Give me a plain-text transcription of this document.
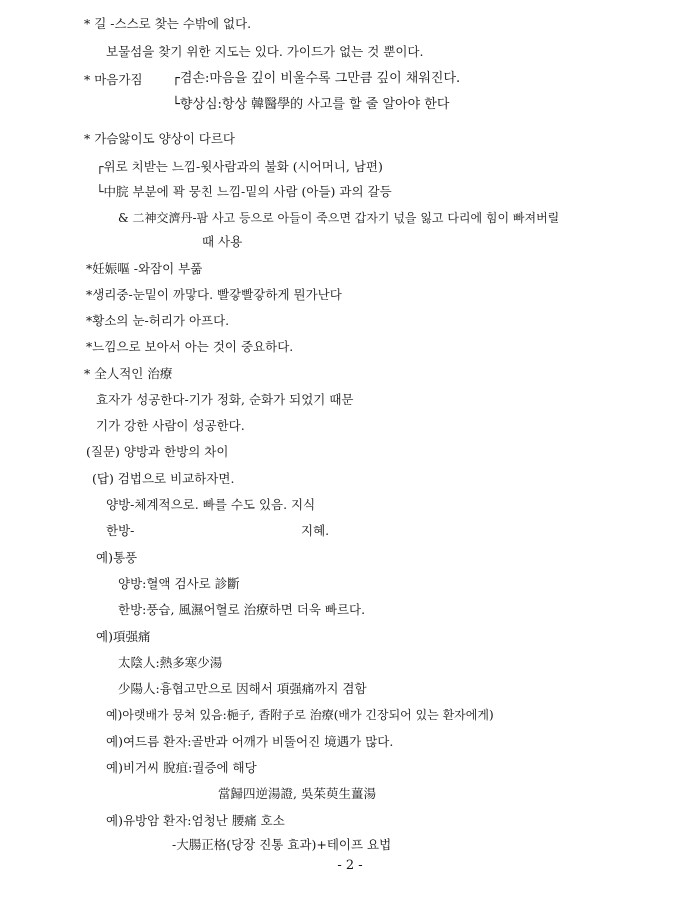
* 길 -스스로 찾는 수밖에 없다.
보물섬을 찾기 위한 지도는 있다. 가이드가 없는 것 뿐이다.
* 마음가짐 ┌겸손:마음을 깊이 비울수록 그만큼 깊이 채워진다.
└향상심:항상 韓醫學的 사고를 할 줄 알아야 한다
* 가슴앓이도 양상이 다르다
┌위로 치받는 느낌-윗사람과의 불화 (시어머니, 남편)
└中脘 부분에 꽉 뭉친 느낌-밑의 사람 (아들) 과의 갈등
& 二神交濟丹-팜 사고 등으로 아들이 죽으면 갑자기 넋을 잃고 다리에 힘이 빠져버릴
때 사용
*妊娠嘔 -와잠이 부풂
*생리중-눈밑이 까맣다. 빨갛빨갛하게 뭔가난다
*황소의 눈-허리가 아프다.
*느낌으로 보아서 아는 것이 중요하다.
* 全人적인 治療
효자가 성공한다-기가 정화, 순화가 되었기 때문
기가 강한 사람이 성공한다.
(질문) 양방과 한방의 차이
(답) 검법으로 비교하자면.
양방-체계적으로. 빠를 수도 있음. 지식
한방-	지혜.
예)통풍
양방:혈액 검사로 診斷
한방:풍습, 風濕어혈로 治療하면 더욱 빠르다.
예)項强痛
太陰人:熱多寒少湯
少陽人:흉협고만으로 因해서 項强痛까지 겸함
예)아랫배가 뭉쳐 있음:梔子, 香附子로 治療(배가 긴장되어 있는 환자에게)
예)여드름 환자:골반과 어깨가 비뚤어진 境遇가 많다.
예)비거씨 脫疽:궐증에 해당
當歸四逆湯證, 吳茱萸生薑湯
예)유방암 환자:엄청난 腰痛 호소
-大腸正格(당장 진통 효과)+테이프 요법
- 2 -
